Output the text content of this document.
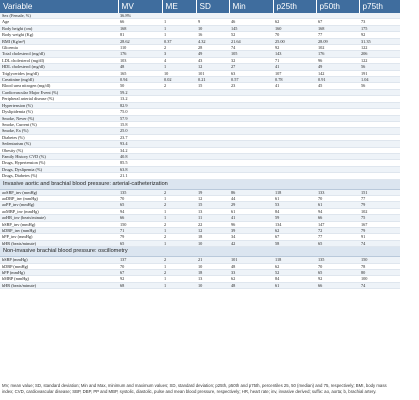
Variable	MV	ME	SD	Min	p25th	p50th	p75th	Max
Sex (Female, %)	36.8%							
Age	66	1	9	46	62	67	73	
Body height (cm)	168	1	10	145	160	168	175	
Body weight (Kg)	81	1	16	52	70	77	92	
BMI (Kg/m²)	28.62	0.37	4.32	21.64	25.00	28.09	31.35	
Glicemia	110	2	28	74	92	102	122	
Total cholesterol (mg/dl)	176	3	49	105	143	176	206	
LDL cholesterol (mg/dl)	103	4	43	32	71	96	122	
HDL cholesterol (mg/dl)	48	1	12	27	41	49	56	
Triglycerides (mg/dl)	165	10	101	63	107	142	191	
Creatinine (mg/dl)	0.94	0.02	0.21	0.57	0.78	0.91	1.04	
Blood urea nitrogen (mg/dl)	50	2	15	23	41	45	56	
Cardiovascular Major Event (%)	59.2							
Peripheral arterial disease (%)	13.2							
Hypertension (%)	82.9							
Dyslipidemia (%)	75.0							
Smoke, Never (%)	57.9							
Smoke, Current (%)	15.8							
Smoke, Ex (%)	25.0							
Diabetes (%)	23.7							
Sedentarism (%)	93.4							
Obesity (%)	34.2							
Family History CVD (%)	40.8							
Drugs, Hypertension (%)	85.5							
Drugs, Dyslipemia (%)	63.8							
Drugs, Diabetes (%)	21.1							
Invasive aortic and brachial blood pressure: arterial-catheterization								
aoSBP_inv (mmHg)	135	2	19	86	118	133	151	
aoDBP_inv (mmHg)	70	1	12	44	61	70	77	
aoPP_inv (mmHg)	65	2	15	29	53	61	79	
aoMBP_inv (mmHg)	94	1	13	61	84	94	102	
aoHR_inv (beats/minute)	66	1	11	41	59	66	75	
bSBP_inv (mmHg)	150	2	22	96	134	147	167	
bDBP_inv (mmHg)	71	1	12	39	62	72	79	
bPP_inv (mmHg)	79	2	18	34	67	77	91	
bHR (beats/minute)	65	1	10	42	58	65	74	
Non-invasive brachial blood pressure: oscillometry								
bSBP (mmHg)	137	2	21	101	118	135	150	
bDBP (mmHg)	70	1	10	48	62	70	78	
bPP (mmHg)	67	2	18	33	52	65	80	
bMBP (mmHg)	92	1	13	62	84	92	100	
bHR (beats/minute)	68	1	10	48	61	66	74	
MV, mean value; SD, standard deviation; Min and Max, minimum and maximum values; SD, standard deviation; p25th, p50th and p75th, percentiles 25, 50 (median) and 75, respectively; BMI, body mass index; CVD, cardiovascular disease; SBP, DBP, PP and MBP, systolic, diastolic, pulse and mean blood pressure, respectively; HR, heart rate; inv, invasive derived; suffix: ao, aorta; b, brachial artery.
